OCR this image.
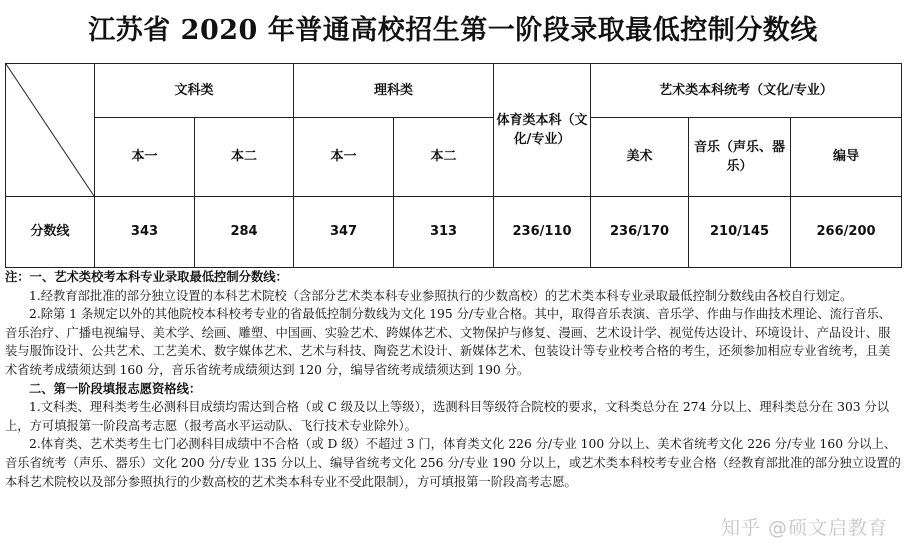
江苏省 2020 年普通高校招生第一阶段录取最低控制分数线
	文科类		理科类		体育类本科（文化/专业）	艺术类本科统考（文化/专业）		
	本一	本二	本一	本二		美术	音乐（声乐、器乐）	编导
分数线	343	284	347	313	236/110	236/170	210/145	266/200

注：一、艺术类校考本科专业录取最低控制分数线：

1.经教育部批准的部分独立设置的本科艺术院校（含部分艺术类本科专业参照执行的少数高校）的艺术类本科专业录取最低控制分数线由各校自行划定。

2.除第 1 条规定以外的其他院校本科校考专业的省最低控制分数线为文化 195 分/专业合格。其中，取得音乐表演、音乐学、作曲与作曲技术理论、流行音乐、音乐治疗、广播电视编导、美术学、绘画、雕塑、中国画、实验艺术、跨媒体艺术、文物保护与修复、漫画、艺术设计学、视觉传达设计、环境设计、产品设计、服装与服饰设计、公共艺术、工艺美术、数字媒体艺术、艺术与科技、陶瓷艺术设计、新媒体艺术、包装设计等专业校考合格的考生，还须参加相应专业省统考，且美术省统考成绩须达到 160 分，音乐省统考成绩须达到 120 分，编导省统考成绩须达到 190 分。

二、第一阶段填报志愿资格线：

1.文科类、理科类考生必测科目成绩均需达到合格（或 C 级及以上等级），选测科目等级符合院校的要求，文科类总分在 274 分以上、理科类总分在 303 分以上，方可填报第一阶段高考志愿（报考高水平运动队、飞行技术专业除外）。

2.体育类、艺术类考生七门必测科目成绩中不合格（或 D 级）不超过 3 门，体育类文化 226 分/专业 100 分以上、美术省统考文化 226 分/专业 160 分以上、音乐省统考（声乐、器乐）文化 200 分/专业 135 分以上、编导省统考文化 256 分/专业 190 分以上，或艺术类本科校考专业合格（经教育部批准的部分独立设置的本科艺术院校以及部分参照执行的少数高校的艺术类本科专业不受此限制），方可填报第一阶段高考志愿。

知乎 @硕文启教育
